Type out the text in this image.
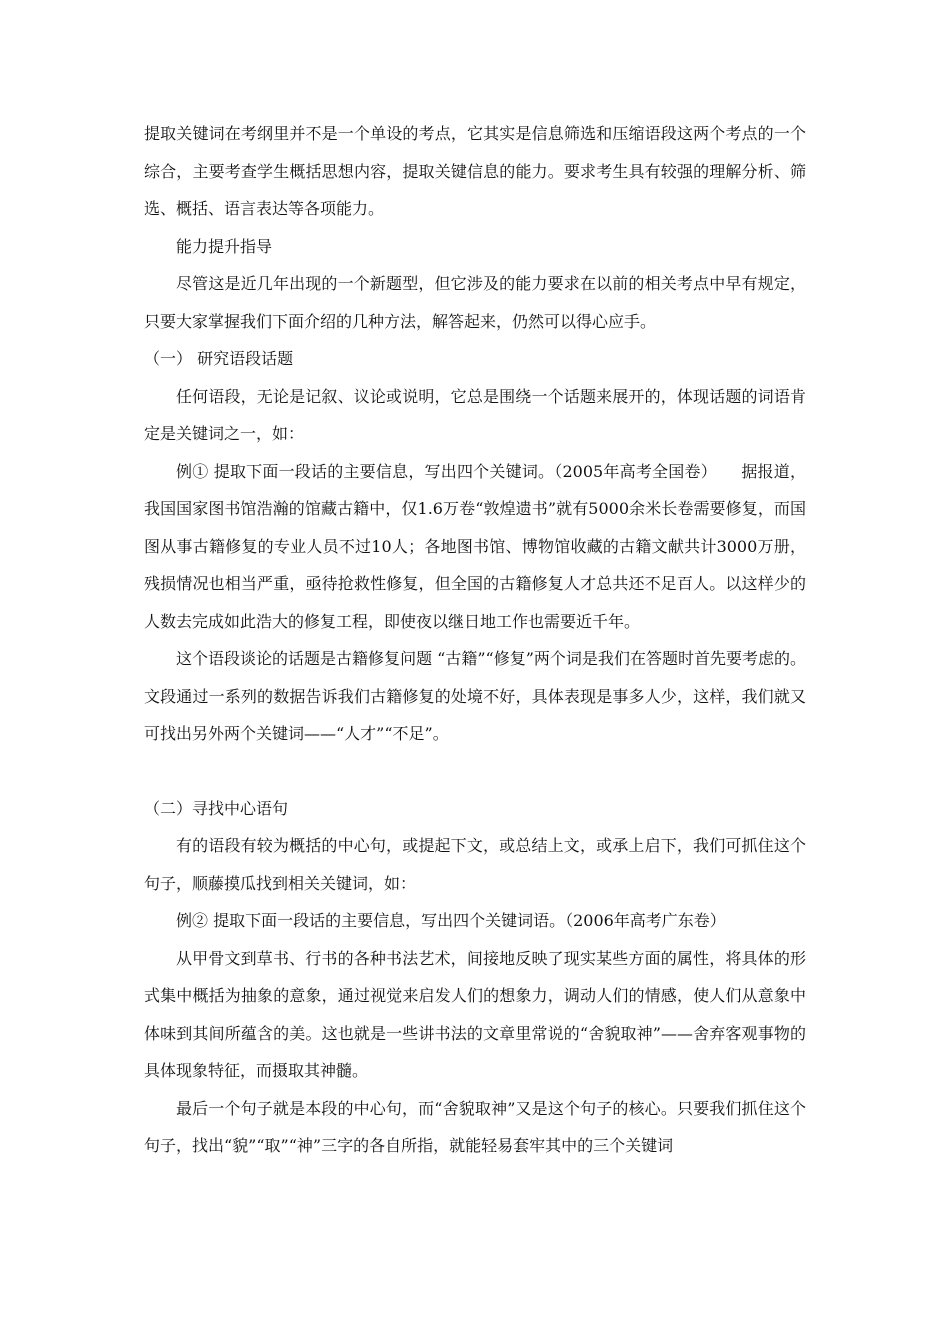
提取关键词在考纲里并不是一个单设的考点，它其实是信息筛选和压缩语段这两个考点的一个综合，主要考查学生概括思想内容，提取关键信息的能力。要求考生具有较强的理解分析、筛选、概括、语言表达等各项能力。

能力提升指导

尽管这是近几年出现的一个新题型，但它涉及的能力要求在以前的相关考点中早有规定，只要大家掌握我们下面介绍的几种方法，解答起来，仍然可以得心应手。

（一） 研究语段话题

任何语段，无论是记叙、议论或说明，它总是围绕一个话题来展开的，体现话题的词语肯定是关键词之一，如：

例① 提取下面一段话的主要信息，写出四个关键词。（2005年高考全国卷）　　据报道，我国国家图书馆浩瀚的馆藏古籍中，仅1.6万卷“敦煌遗书”就有5000余米长卷需要修复，而国图从事古籍修复的专业人员不过10人；各地图书馆、博物馆收藏的古籍文献共计3000万册，残损情况也相当严重，亟待抢救性修复，但全国的古籍修复人才总共还不足百人。以这样少的人数去完成如此浩大的修复工程，即使夜以继日地工作也需要近千年。

这个语段谈论的话题是古籍修复问题 “古籍”“修复”两个词是我们在答题时首先要考虑的。文段通过一系列的数据告诉我们古籍修复的处境不好，具体表现是事多人少，这样，我们就又可找出另外两个关键词——“人才”“不足”。

（二）寻找中心语句

有的语段有较为概括的中心句，或提起下文，或总结上文，或承上启下，我们可抓住这个句子，顺藤摸瓜找到相关关键词，如：

例② 提取下面一段话的主要信息，写出四个关键词语。（2006年高考广东卷）

从甲骨文到草书、行书的各种书法艺术，间接地反映了现实某些方面的属性，将具体的形式集中概括为抽象的意象，通过视觉来启发人们的想象力，调动人们的情感，使人们从意象中体味到其间所蕴含的美。这也就是一些讲书法的文章里常说的“舍貌取神”——舍弃客观事物的具体现象特征，而摄取其神髓。

最后一个句子就是本段的中心句，而“舍貌取神”又是这个句子的核心。只要我们抓住这个句子，找出“貌”“取”“神”三字的各自所指，就能轻易套牢其中的三个关键词
